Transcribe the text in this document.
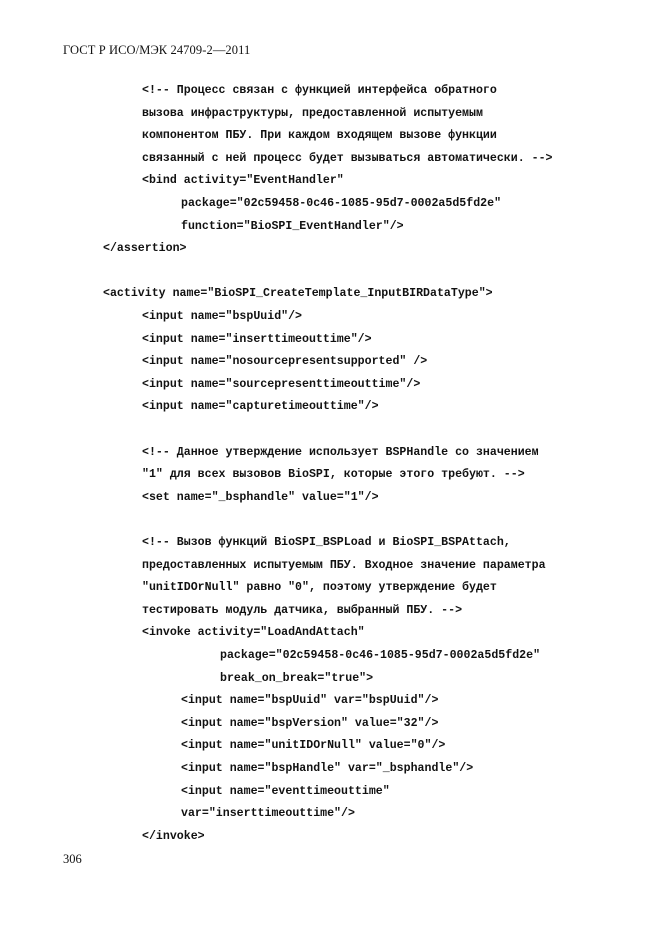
ГОСТ Р ИСО/МЭК 24709-2—2011
<!-- Процесс связан с функцией интерфейса обратного
вызова инфраструктуры, предоставленной испытуемым
компонентом ПБУ. При каждом входящем вызове функции
связанный с ней процесс будет вызываться автоматически. -->
<bind activity="EventHandler"
package="02c59458-0c46-1085-95d7-0002a5d5fd2e"
function="BioSPI_EventHandler"/>
</assertion>
<activity name="BioSPI_CreateTemplate_InputBIRDataType">
<input name="bspUuid"/>
<input name="inserttimeouttime"/>
<input name="nosourcepresentsupported" />
<input name="sourcepresenttimeouttime"/>
<input name="capturetimeouttime"/>
<!-- Данное утверждение использует BSPHandle со значением
"1" для всех вызовов BioSPI, которые этого требуют. -->
<set name="_bsphandle" value="1"/>
<!-- Вызов функций BioSPI_BSPLoad и BioSPI_BSPAttach,
предоставленных испытуемым ПБУ. Входное значение параметра
"unitIDOrNull" равно "0", поэтому утверждение будет
тестировать модуль датчика, выбранный ПБУ. -->
<invoke activity="LoadAndAttach"
package="02c59458-0c46-1085-95d7-0002a5d5fd2e"
break_on_break="true">
<input name="bspUuid" var="bspUuid"/>
<input name="bspVersion" value="32"/>
<input name="unitIDOrNull" value="0"/>
<input name="bspHandle" var="_bsphandle"/>
<input name="eventtimeouttime"
var="inserttimeouttime"/>
</invoke>
306
